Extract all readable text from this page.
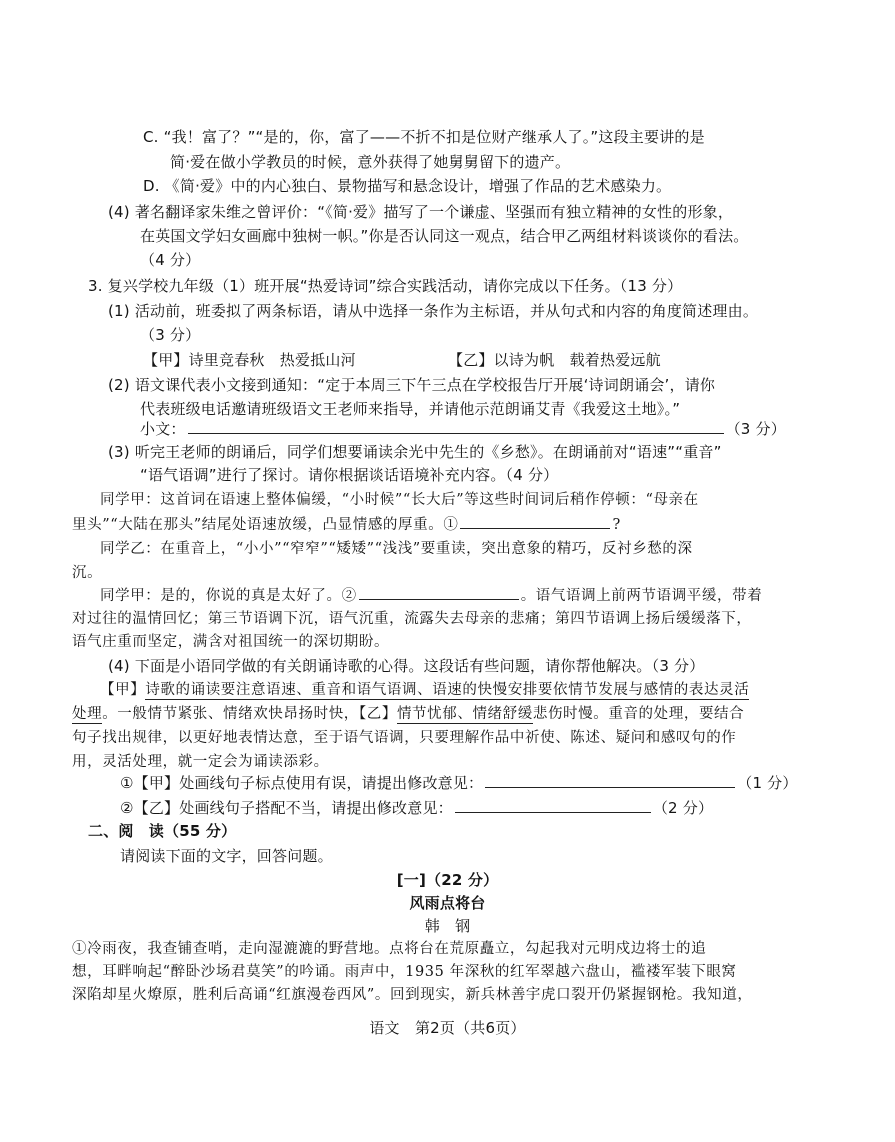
C. “我！富了？”“是的，你，富了——不折不扣是位财产继承人了。”这段主要讲的是
简·爱在做小学教员的时候，意外获得了她舅舅留下的遗产。
D. 《简·爱》中的内心独白、景物描写和悬念设计，增强了作品的艺术感染力。
(4) 著名翻译家朱维之曾评价：“《简·爱》描写了一个谦虚、坚强而有独立精神的女性的形象，
在英国文学妇女画廊中独树一帜。”你是否认同这一观点，结合甲乙两组材料谈谈你的看法。
（4 分）
3. 复兴学校九年级（1）班开展“热爱诗词”综合实践活动，请你完成以下任务。（13 分）
(1) 活动前，班委拟了两条标语，请从中选择一条作为主标语，并从句式和内容的角度简述理由。
（3 分）
【甲】诗里竞春秋　热爱抵山河	【乙】以诗为帆　载着热爱远航
(2) 语文课代表小文接到通知：“定于本周三下午三点在学校报告厅开展‘诗词朗诵会’，请你
代表班级电话邀请班级语文王老师来指导，并请他示范朗诵艾青《我爱这土地》。”
小文：	（3 分）
(3) 听完王老师的朗诵后，同学们想要诵读余光中先生的《乡愁》。在朗诵前对“语速”“重音”
“语气语调”进行了探讨。请你根据谈话语境补充内容。（4 分）
同学甲：这首词在语速上整体偏缓，“小时候”“长大后”等这些时间词后稍作停顿：“母亲在
里头”“大陆在那头”结尾处语速放缓，凸显情感的厚重。①	?
同学乙：在重音上，“小小”“窄窄”“矮矮”“浅浅”要重读，突出意象的精巧，反衬乡愁的深
沉。
同学甲：是的，你说的真是太好了。②	。语气语调上前两节语调平缓，带着
对过往的温情回忆；第三节语调下沉，语气沉重，流露失去母亲的悲痛；第四节语调上扬后缓缓落下，
语气庄重而坚定，满含对祖国统一的深切期盼。
(4) 下面是小语同学做的有关朗诵诗歌的心得。这段话有些问题，请你帮他解决。（3 分）
【甲】诗歌的诵读要注意语速、重音和语气语调、语速的快慢安排要依情节发展与感情的表达灵活
处理。一般情节紧张、情绪欢快昂扬时快，【乙】情节忧郁、情绪舒缓悲伤时慢。重音的处理，要结合
句子找出规律，以更好地表情达意，至于语气语调，只要理解作品中祈使、陈述、疑问和感叹句的作
用，灵活处理，就一定会为诵读添彩。
①【甲】处画线句子标点使用有误，请提出修改意见：	（1 分）
②【乙】处画线句子搭配不当，请提出修改意见：	（2 分）
二、阅　读（55 分）
请阅读下面的文字，回答问题。
[一]（22 分）
风雨点将台
韩　钢
①冷雨夜，我查铺查哨，走向湿漉漉的野营地。点将台在荒原矗立，勾起我对元明戍边将士的追
想，耳畔响起“醉卧沙场君莫笑”的吟诵。雨声中，1935 年深秋的红军翠越六盘山，褴褛军装下眼窝
深陷却星火燎原，胜利后高诵“红旗漫卷西风”。回到现实，新兵林善宇虎口裂开仍紧握钢枪。我知道，
语文　第2页（共6页）
